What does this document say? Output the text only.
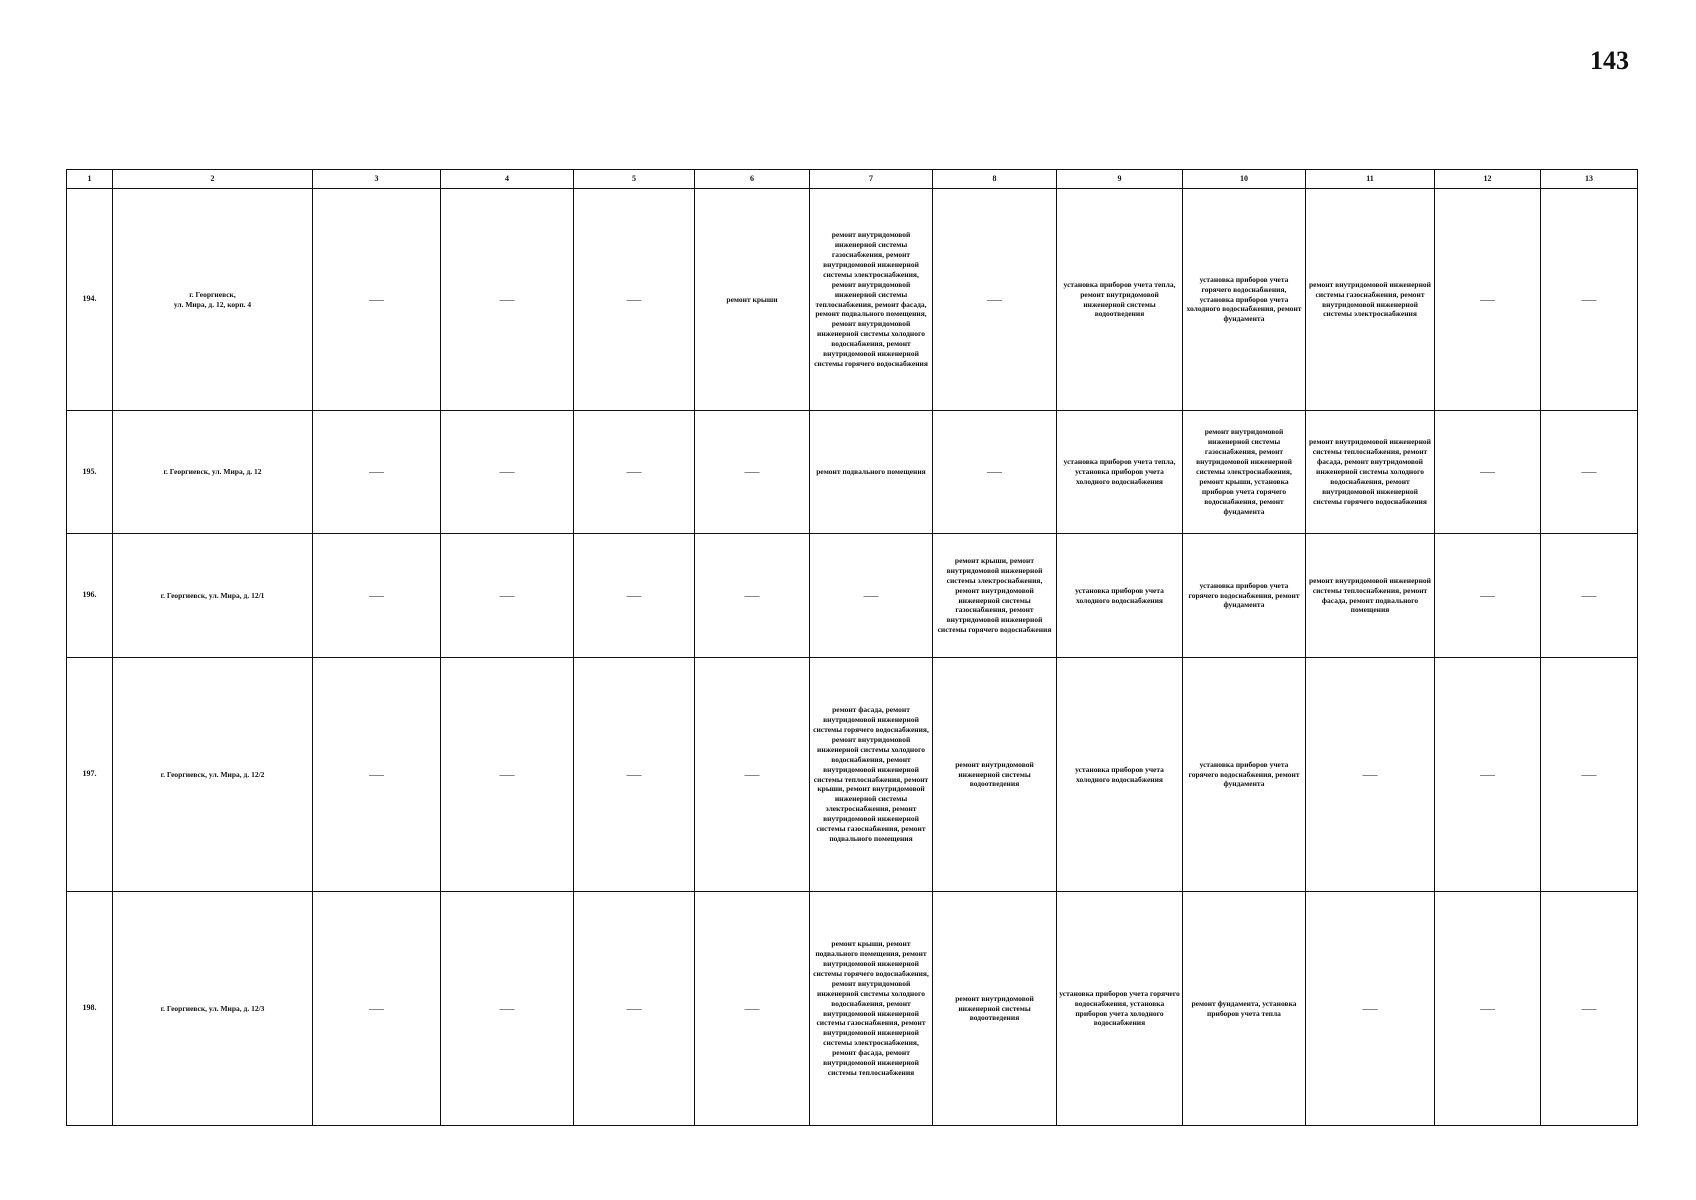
143
1	2	3	4	5	6	7	8	9	10	11	12	13
194.	г. Георгиевск,
ул. Мира, д. 12, корп. 4	——	——	——	ремонт крыши	ремонт внутридомовой инженерной системы газоснабжения, ремонт внутридомовой инженерной системы электроснабжения, ремонт внутридомовой инженерной системы теплоснабжения, ремонт фасада, ремонт подвального помещения, ремонт внутридомовой инженерной системы холодного водоснабжения, ремонт внутридомовой инженерной системы горячего водоснабжения	——	установка приборов учета тепла, ремонт внутридомовой инженерной системы водоотведения	установка приборов учета горячего водоснабжения, установка приборов учета холодного водоснабжения, ремонт фундамента	ремонт внутридомовой инженерной системы газоснабжения, ремонт внутридомовой инженерной системы электроснабжения	——	——
195.	г. Георгиевск, ул. Мира, д. 12	——	——	——	——	ремонт подвального помещения	——	установка приборов учета тепла, установка приборов учета холодного водоснабжения	ремонт внутридомовой инженерной системы газоснабжения, ремонт внутридомовой инженерной системы электроснабжения, ремонт крыши, установка приборов учета горячего водоснабжения, ремонт фундамента	ремонт внутридомовой инженерной системы теплоснабжения, ремонт фасада, ремонт внутридомовой инженерной системы холодного водоснабжения, ремонт внутридомовой инженерной системы горячего водоснабжения	——	——
196.	г. Георгиевск, ул. Мира, д. 12/1	——	——	——	——	——	ремонт крыши, ремонт внутридомовой инженерной системы электроснабжения, ремонт внутридомовой инженерной системы газоснабжения, ремонт внутридомовой инженерной системы горячего водоснабжения	установка приборов учета холодного водоснабжения	установка приборов учета горячего водоснабжения, ремонт фундамента	ремонт внутридомовой инженерной системы теплоснабжения, ремонт фасада, ремонт подвального помещения	——	——
197.	г. Георгиевск, ул. Мира, д. 12/2	——	——	——	——	ремонт фасада, ремонт внутридомовой инженерной системы горячего водоснабжения, ремонт внутридомовой инженерной системы холодного водоснабжения, ремонт внутридомовой инженерной системы теплоснабжения, ремонт крыши, ремонт внутридомовой инженерной системы электроснабжения, ремонт внутридомовой инженерной системы газоснабжения, ремонт подвального помещения	ремонт внутридомовой инженерной системы водоотведения	установка приборов учета холодного водоснабжения	установка приборов учета горячего водоснабжения, ремонт фундамента	——	——	——
198.	г. Георгиевск, ул. Мира, д. 12/3	——	——	——	——	ремонт крыши, ремонт подвального помещения, ремонт внутридомовой инженерной системы горячего водоснабжения, ремонт внутридомовой инженерной системы холодного водоснабжения, ремонт внутридомовой инженерной системы газоснабжения, ремонт внутридомовой инженерной системы электроснабжения, ремонт фасада, ремонт внутридомовой инженерной системы теплоснабжения	ремонт внутридомовой инженерной системы водоотведения	установка приборов учета горячего водоснабжения, установка приборов учета холодного водоснабжения	ремонт фундамента, установка приборов учета тепла	——	——	——
